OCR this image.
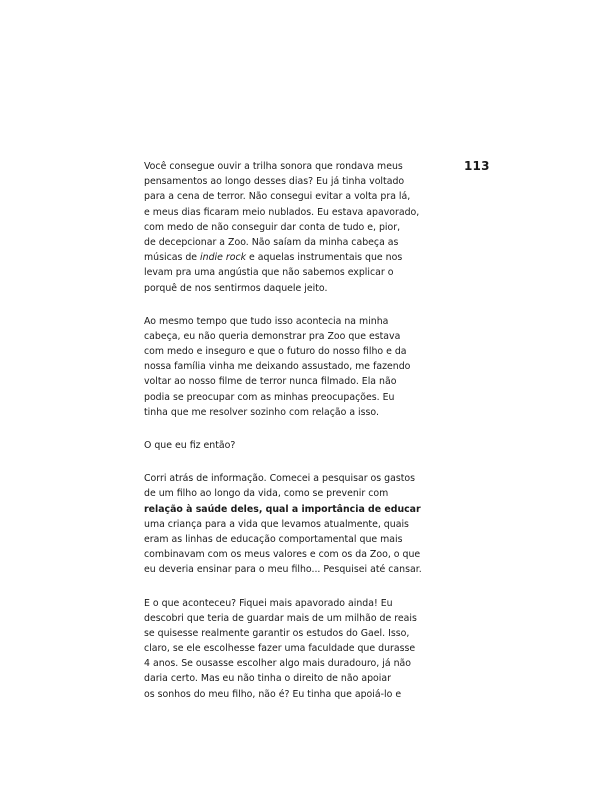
113
Você consegue ouvir a trilha sonora que rondava meus
pensamentos ao longo desses dias? Eu já tinha voltado
para a cena de terror. Não consegui evitar a volta pra lá,
e meus dias ficaram meio nublados. Eu estava apavorado,
com medo de não conseguir dar conta de tudo e, pior,
de decepcionar a Zoo. Não saíam da minha cabeça as
músicas de indie rock e aquelas instrumentais que nos
levam pra uma angústia que não sabemos explicar o
porquê de nos sentirmos daquele jeito.
Ao mesmo tempo que tudo isso acontecia na minha
cabeça, eu não queria demonstrar pra Zoo que estava
com medo e inseguro e que o futuro do nosso filho e da
nossa família vinha me deixando assustado, me fazendo
voltar ao nosso filme de terror nunca filmado. Ela não
podia se preocupar com as minhas preocupações. Eu
tinha que me resolver sozinho com relação a isso.
O que eu fiz então?
Corri atrás de informação. Comecei a pesquisar os gastos
de um filho ao longo da vida, como se prevenir com
relação à saúde deles, qual a importância de educar
uma criança para a vida que levamos atualmente, quais
eram as linhas de educação comportamental que mais
combinavam com os meus valores e com os da Zoo, o que
eu deveria ensinar para o meu filho... Pesquisei até cansar.
E o que aconteceu? Fiquei mais apavorado ainda! Eu
descobri que teria de guardar mais de um milhão de reais
se quisesse realmente garantir os estudos do Gael. Isso,
claro, se ele escolhesse fazer uma faculdade que durasse
4 anos. Se ousasse escolher algo mais duradouro, já não
daria certo. Mas eu não tinha o direito de não apoiar
os sonhos do meu filho, não é? Eu tinha que apoiá-lo e
